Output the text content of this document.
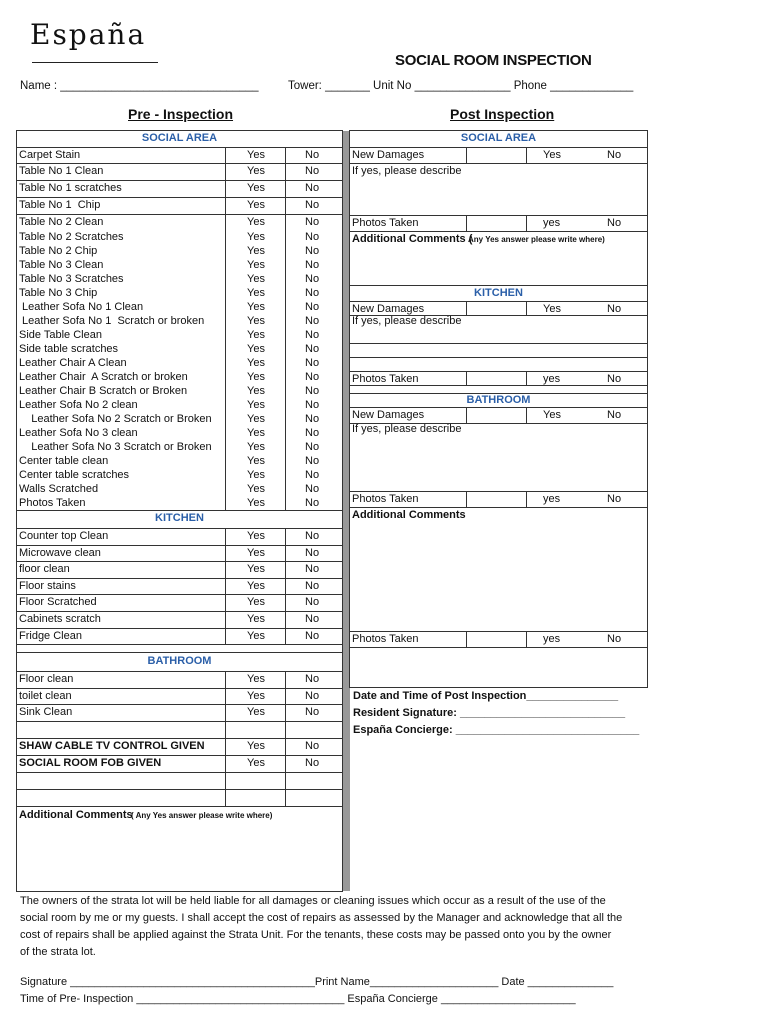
España
SOCIAL ROOM INSPECTION
Name : _______________________________	Tower: _______ Unit No _______________ Phone _____________
Pre - Inspection	Post Inspection
SOCIAL AREA
Carpet Stain	Yes	No
Table No 1 Clean	Yes	No
Table No 1 scratches	Yes	No
Table No 1  Chip	Yes	No
Table No 2 Clean	Yes	No
Table No 2 Scratches	Yes	No
Table No 2 Chip	Yes	No
Table No 3 Clean	Yes	No
Table No 3 Scratches	Yes	No
Table No 3 Chip	Yes	No
Leather Sofa No 1 Clean	Yes	No
Leather Sofa No 1  Scratch or broken	Yes	No
Side Table Clean	Yes	No
Side table scratches	Yes	No
Leather Chair A Clean	Yes	No
Leather Chair  A Scratch or broken	Yes	No
Leather Chair B Scratch or Broken	Yes	No
Leather Sofa No 2 clean	Yes	No
Leather Sofa No 2 Scratch or Broken	Yes	No
Leather Sofa No 3 clean	Yes	No
Leather Sofa No 3 Scratch or Broken	Yes	No
Center table clean	Yes	No
Center table scratches	Yes	No
Walls Scratched	Yes	No
Photos Taken	Yes	No
KITCHEN
Counter top Clean	Yes	No
Microwave clean	Yes	No
floor clean	Yes	No
Floor stains	Yes	No
Floor Scratched	Yes	No
Cabinets scratch	Yes	No
Fridge Clean	Yes	No
BATHROOM
Floor clean	Yes	No
toilet clean	Yes	No
Sink Clean	Yes	No
SHAW CABLE TV CONTROL GIVEN	Yes	No
SOCIAL ROOM FOB GIVEN	Yes	No
Additional Comments
( Any Yes answer please write where)
SOCIAL AREA
New Damages	Yes	No
If yes, please describe
Photos Taken	yes	No
Additional Comments (
Any Yes answer please write where)
KITCHEN
New Damages	Yes	No
If yes, please describe
Photos Taken	yes	No
BATHROOM
New Damages	Yes	No
If yes, please describe
Photos Taken	yes	No
Additional Comments
Photos Taken	yes	No
Date and Time of Post Inspection_______________
Resident Signature: ___________________________
España Concierge: ______________________________
The owners of the strata lot will be held liable for all damages or cleaning issues which occur as a result of the use of the
social room by me or my guests. I shall accept the cost of repairs as assessed by the Manager and acknowledge that all the
cost of repairs shall be applied against the Strata Unit. For the tenants, these costs may be passed onto you by the owner
of the strata lot.
Signature ________________________________________Print Name_____________________ Date ______________
Time of Pre- Inspection __________________________________ España Concierge ______________________
